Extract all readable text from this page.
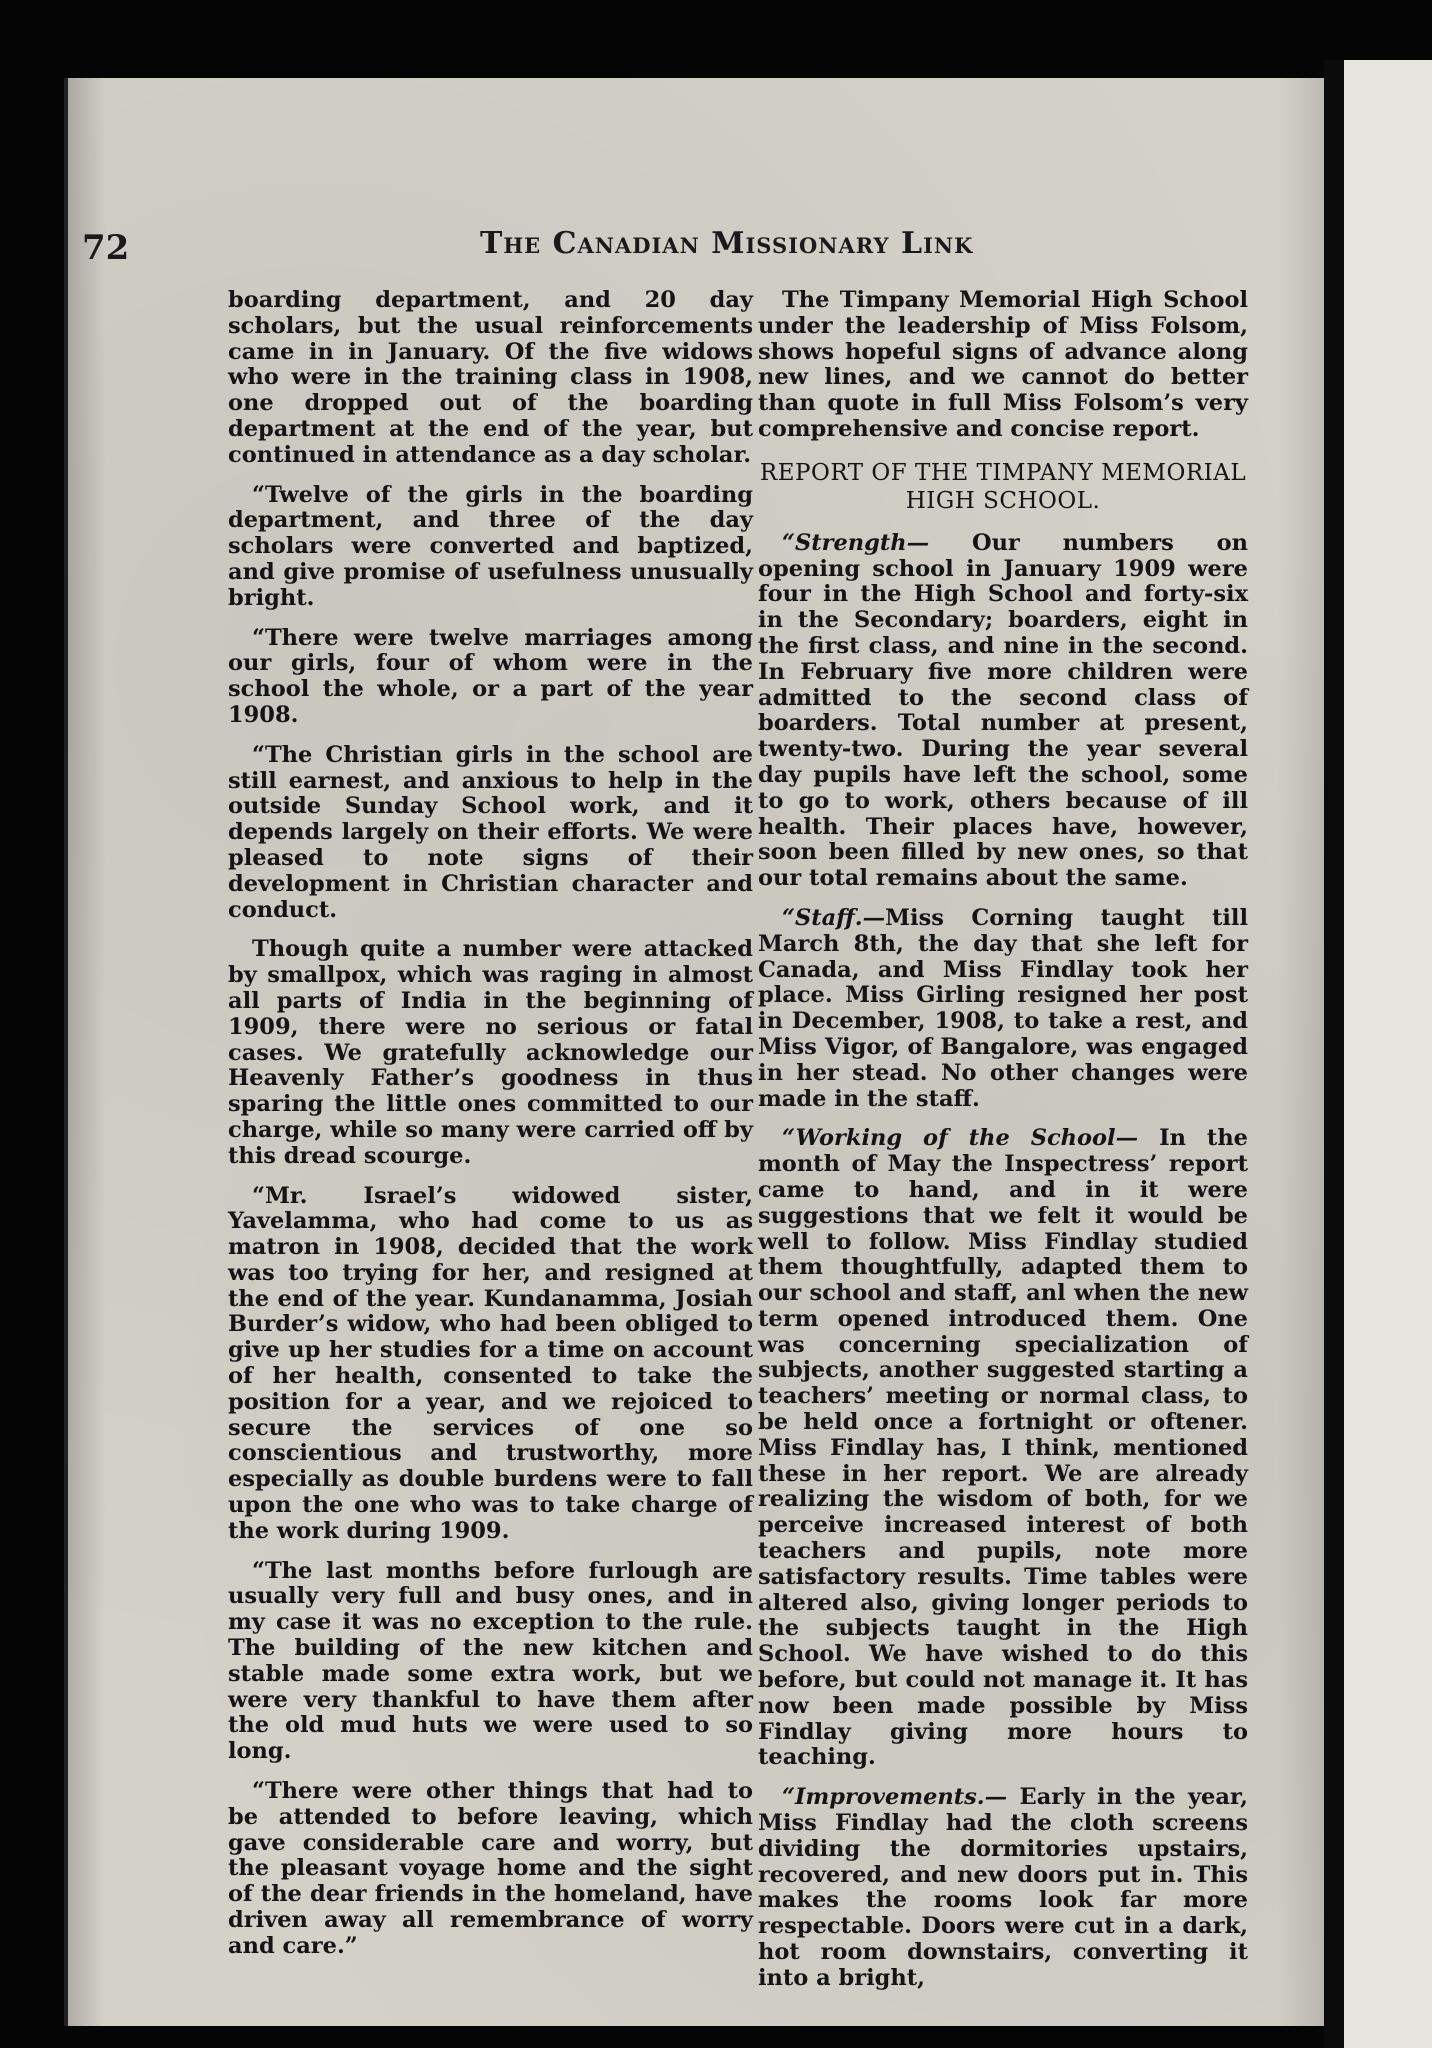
72	The Canadian Missionary Link

boarding department, and 20 day scholars, but the usual reinforcements came in in January. Of the five widows who were in the training class in 1908, one dropped out of the boarding department at the end of the year, but continued in attendance as a day scholar.

“Twelve of the girls in the boarding department, and three of the day scholars were converted and baptized, and give promise of usefulness unusually bright.

“There were twelve marriages among our girls, four of whom were in the school the whole, or a part of the year 1908.

“The Christian girls in the school are still earnest, and anxious to help in the outside Sunday School work, and it depends largely on their efforts. We were pleased to note signs of their development in Christian character and conduct.

Though quite a number were attacked by smallpox, which was raging in almost all parts of India in the beginning of 1909, there were no serious or fatal cases. We gratefully acknowledge our Heavenly Father’s goodness in thus sparing the little ones committed to our charge, while so many were carried off by this dread scourge.

“Mr. Israel’s widowed sister, Yavelamma, who had come to us as matron in 1908, decided that the work was too trying for her, and resigned at the end of the year. Kundanamma, Josiah Burder’s widow, who had been obliged to give up her studies for a time on account of her health, consented to take the position for a year, and we rejoiced to secure the services of one so conscientious and trustworthy, more especially as double burdens were to fall upon the one who was to take charge of the work during 1909.

“The last months before furlough are usually very full and busy ones, and in my case it was no exception to the rule. The building of the new kitchen and stable made some extra work, but we were very thankful to have them after the old mud huts we were used to so long.

“There were other things that had to be attended to before leaving, which gave considerable care and worry, but the pleasant voyage home and the sight of the dear friends in the homeland, have driven away all remembrance of worry and care.”

The Timpany Memorial High School under the leadership of Miss Folsom, shows hopeful signs of advance along new lines, and we cannot do better than quote in full Miss Folsom’s very comprehensive and concise report.

REPORT OF THE TIMPANY MEMORIAL HIGH SCHOOL.

“Strength— Our numbers on opening school in January 1909 were four in the High School and forty-six in the Secondary; boarders, eight in the first class, and nine in the second. In February five more children were admitted to the second class of boarders. Total number at present, twenty-two. During the year several day pupils have left the school, some to go to work, others because of ill health. Their places have, however, soon been filled by new ones, so that our total remains about the same.

“Staff.—Miss Corning taught till March 8th, the day that she left for Canada, and Miss Findlay took her place. Miss Girling resigned her post in December, 1908, to take a rest, and Miss Vigor, of Bangalore, was engaged in her stead. No other changes were made in the staff.

“Working of the School— In the month of May the Inspectress’ report came to hand, and in it were suggestions that we felt it would be well to follow. Miss Findlay studied them thoughtfully, adapted them to our school and staff, anl when the new term opened introduced them. One was concerning specialization of subjects, another suggested starting a teachers’ meeting or normal class, to be held once a fortnight or oftener. Miss Findlay has, I think, mentioned these in her report. We are already realizing the wisdom of both, for we perceive increased interest of both teachers and pupils, note more satisfactory results. Time tables were altered also, giving longer periods to the subjects taught in the High School. We have wished to do this before, but could not manage it. It has now been made possible by Miss Findlay giving more hours to teaching.

“Improvements.— Early in the year, Miss Findlay had the cloth screens dividing the dormitories upstairs, recovered, and new doors put in. This makes the rooms look far more respectable. Doors were cut in a dark, hot room downstairs, converting it into a bright,
